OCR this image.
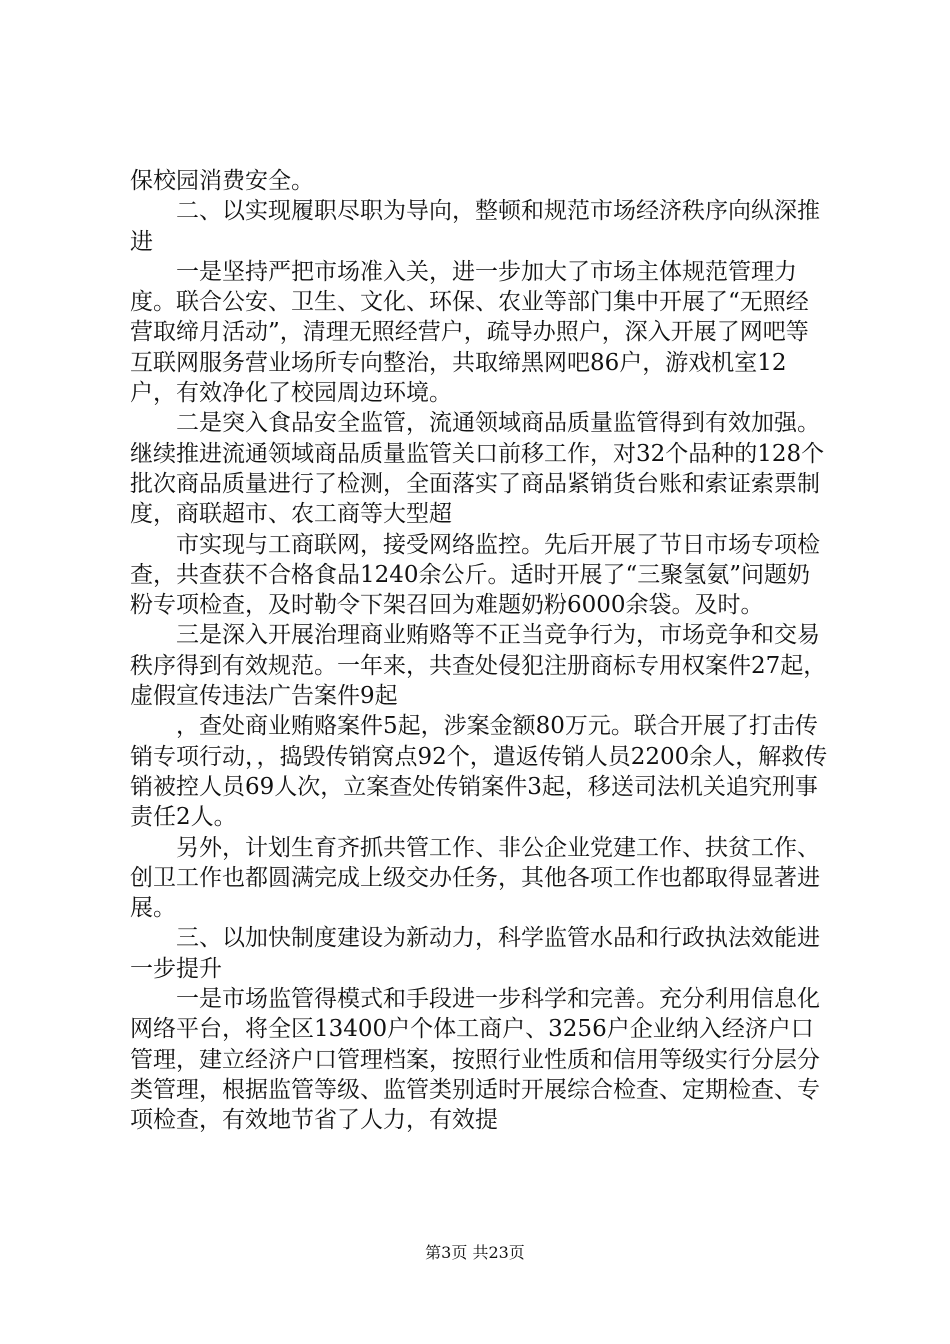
保校园消费安全。

二、以实现履职尽职为导向，整顿和规范市场经济秩序向纵深推进

一是坚持严把市场准入关，进一步加大了市场主体规范管理力度。联合公安、卫生、文化、环保、农业等部门集中开展了“无照经营取缔月活动”，清理无照经营户，疏导办照户，深入开展了网吧等互联网服务营业场所专向整治，共取缔黑网吧86户，游戏机室12户，有效净化了校园周边环境。

二是突入食品安全监管，流通领域商品质量监管得到有效加强。继续推进流通领域商品质量监管关口前移工作，对32个品种的128个批次商品质量进行了检测，全面落实了商品紧销货台账和索证索票制度，商联超市、农工商等大型超

市实现与工商联网，接受网络监控。先后开展了节日市场专项检查，共查获不合格食品1240余公斤。适时开展了“三聚氢氨”问题奶粉专项检查，及时勒令下架召回为难题奶粉6000余袋。及时。

三是深入开展治理商业贿赂等不正当竞争行为，市场竞争和交易秩序得到有效规范。一年来，共查处侵犯注册商标专用权案件27起，虚假宣传违法广告案件9起

，查处商业贿赂案件5起，涉案金额80万元。联合开展了打击传销专项行动，，捣毁传销窝点92个，遣返传销人员2200余人，解救传销被控人员69人次，立案查处传销案件3起，移送司法机关追究刑事责任2人。

另外，计划生育齐抓共管工作、非公企业党建工作、扶贫工作、创卫工作也都圆满完成上级交办任务，其他各项工作也都取得显著进展。

三、以加快制度建设为新动力，科学监管水品和行政执法效能进一步提升

一是市场监管得模式和手段进一步科学和完善。充分利用信息化网络平台，将全区13400户个体工商户、3256户企业纳入经济户口管理，建立经济户口管理档案，按照行业性质和信用等级实行分层分类管理，根据监管等级、监管类别适时开展综合检查、定期检查、专项检查，有效地节省了人力，有效提

第3页 共23页
